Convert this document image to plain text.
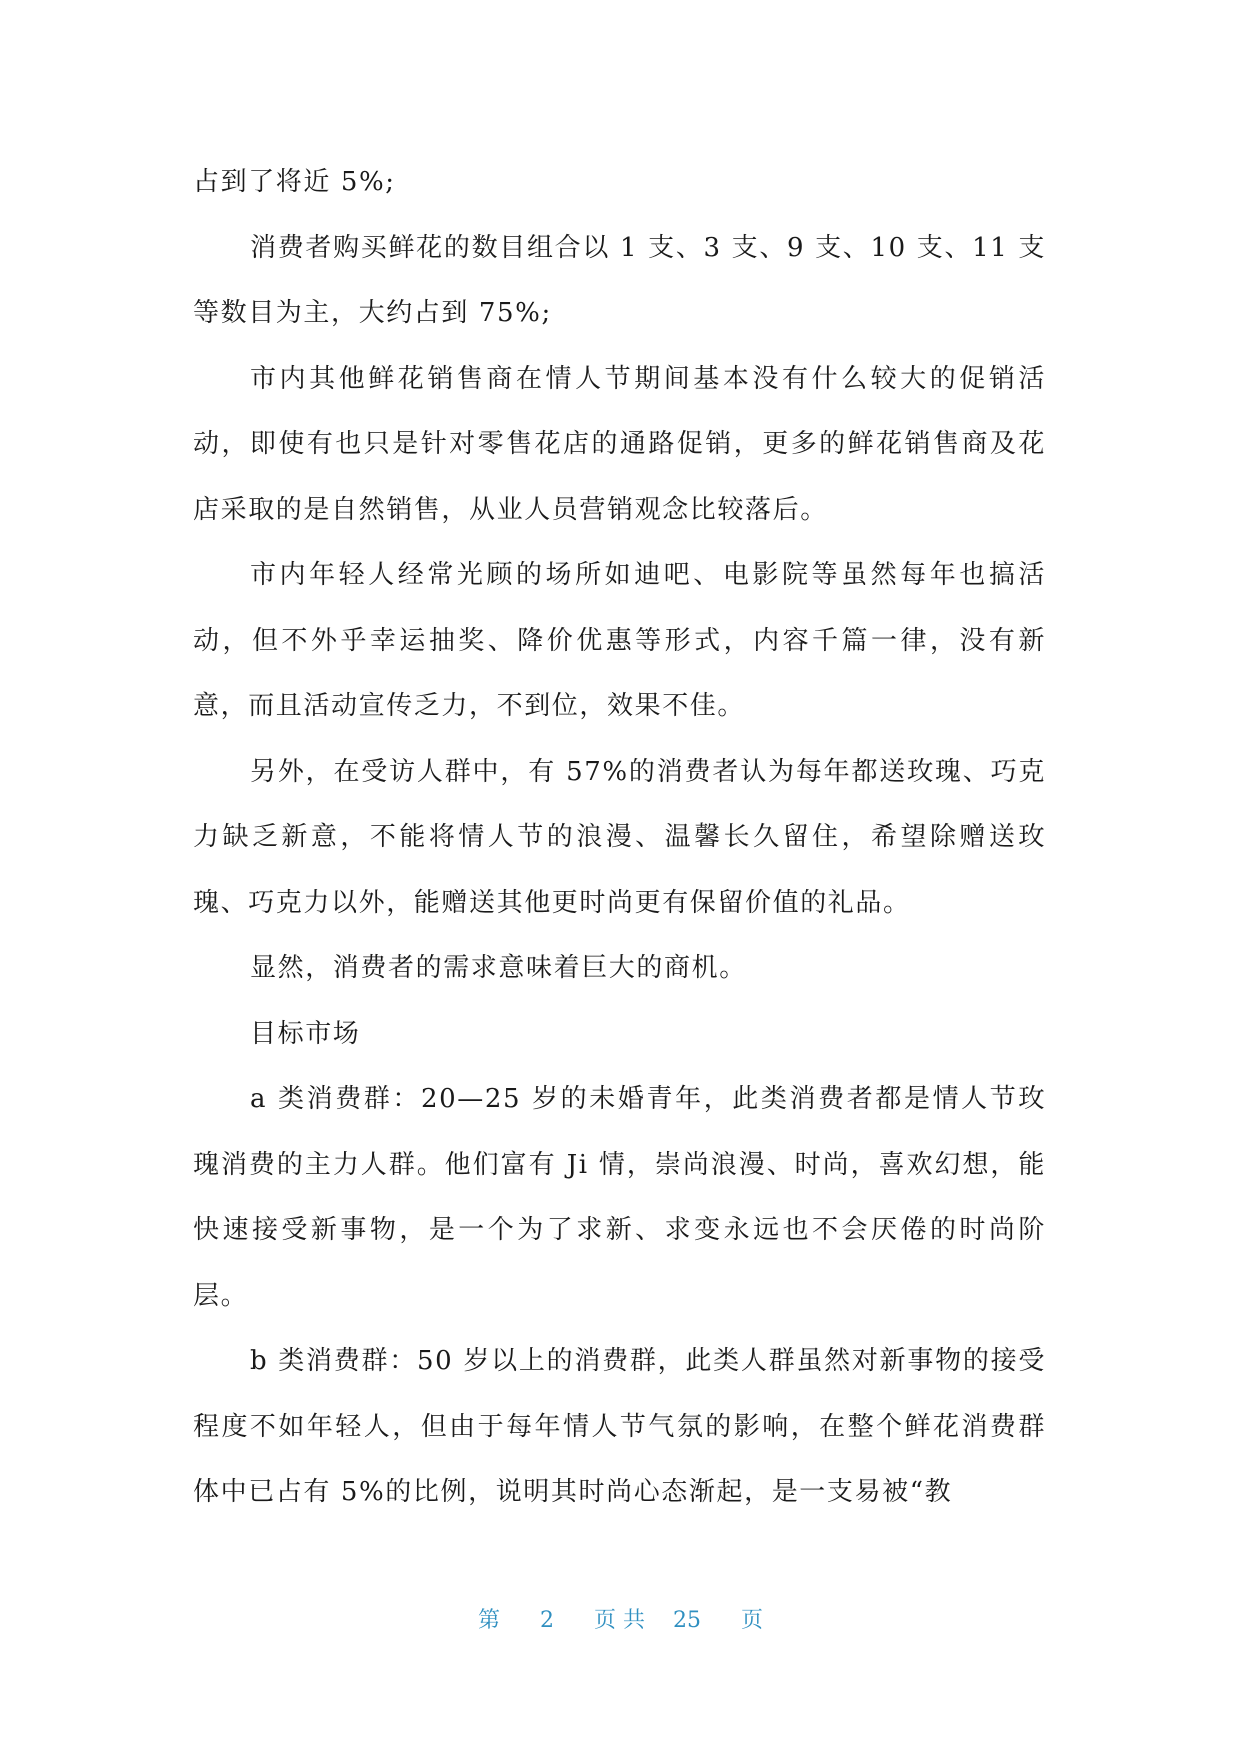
占到了将近 5%;

消费者购买鲜花的数目组合以 1 支、3 支、9 支、10 支、11 支等数目为主，大约占到 75%;

市内其他鲜花销售商在情人节期间基本没有什么较大的促销活动，即使有也只是针对零售花店的通路促销，更多的鲜花销售商及花店采取的是自然销售，从业人员营销观念比较落后。

市内年轻人经常光顾的场所如迪吧、电影院等虽然每年也搞活动，但不外乎幸运抽奖、降价优惠等形式，内容千篇一律，没有新意，而且活动宣传乏力，不到位，效果不佳。

另外，在受访人群中，有 57%的消费者认为每年都送玫瑰、巧克力缺乏新意，不能将情人节的浪漫、温馨长久留住，希望除赠送玫瑰、巧克力以外，能赠送其他更时尚更有保留价值的礼品。

显然，消费者的需求意味着巨大的商机。

目标市场

a 类消费群：20—25 岁的未婚青年，此类消费者都是情人节玫瑰消费的主力人群。他们富有 Ji 情，崇尚浪漫、时尚，喜欢幻想，能快速接受新事物，是一个为了求新、求变永远也不会厌倦的时尚阶层。

b 类消费群：50 岁以上的消费群，此类人群虽然对新事物的接受程度不如年轻人，但由于每年情人节气氛的影响，在整个鲜花消费群体中已占有 5%的比例，说明其时尚心态渐起，是一支易被“教

第 2 页 共 25 页
